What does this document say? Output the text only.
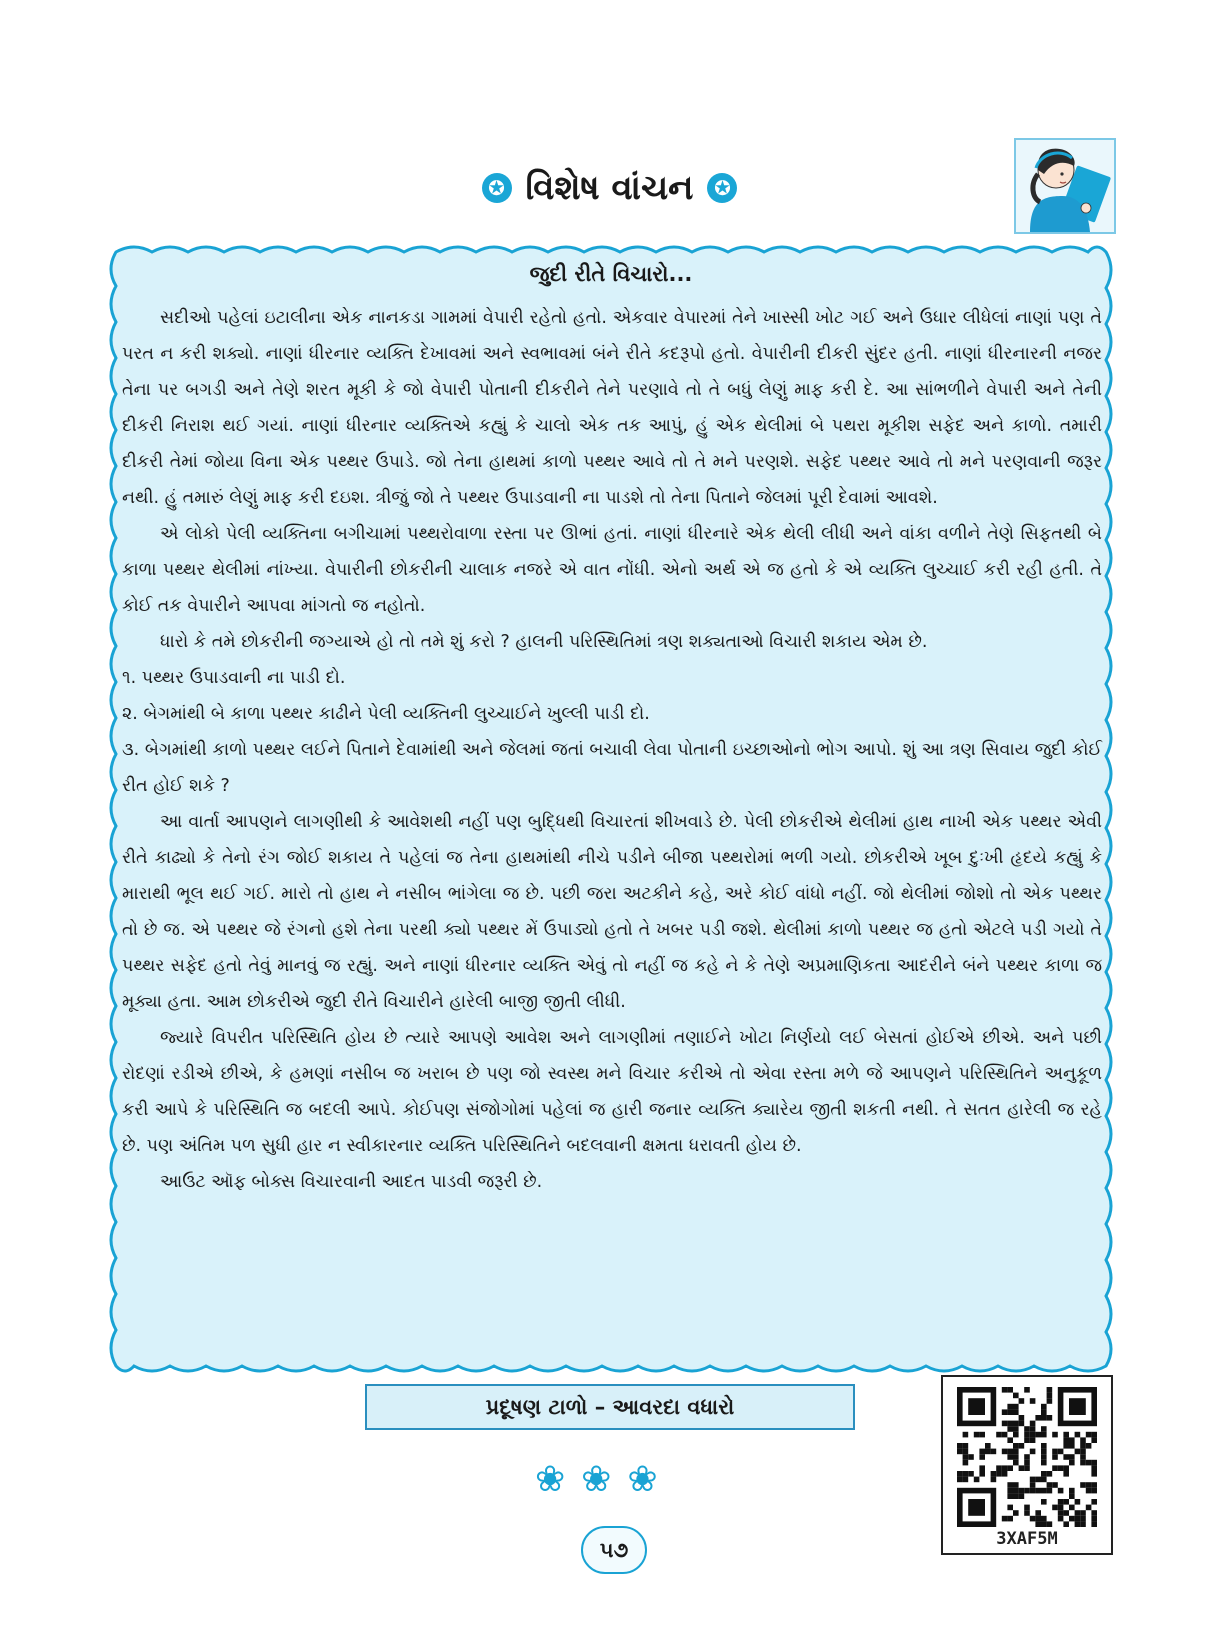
✪ વિશેષ વાંચન	✪
જુદી રીતે વિચારો...

સદીઓ પહેલાં ઇટાલીના એક નાનકડા ગામમાં વેપારી રહેતો હતો. એકવાર વેપારમાં તેને ખાસ્સી ખોટ ગઈ અને ઉધાર લીધેલાં નાણાં પણ તે પરત ન કરી શક્યો. નાણાં ધીરનાર વ્યક્તિ દેખાવમાં અને સ્વભાવમાં બંને રીતે કદરૂપો હતો. વેપારીની દીકરી સુંદર હતી. નાણાં ધીરનારની નજર તેના પર બગડી અને તેણે શરત મૂકી કે જો વેપારી પોતાની દીકરીને તેને પરણાવે તો તે બધું લેણું માફ કરી દે. આ સાંભળીને વેપારી અને તેની દીકરી નિરાશ થઈ ગયાં. નાણાં ધીરનાર વ્યક્તિએ કહ્યું કે ચાલો એક તક આપું, હું એક થેલીમાં બે પથરા મૂકીશ સફેદ અને કાળો. તમારી દીકરી તેમાં જોયા વિના એક પથ્થર ઉપાડે. જો તેના હાથમાં કાળો પથ્થર આવે તો તે મને પરણશે. સફેદ પથ્થર આવે તો મને પરણવાની જરૂર નથી. હું તમારું લેણું માફ કરી દઇશ. ત્રીજું જો તે પથ્થર ઉપાડવાની ના પાડશે તો તેના પિતાને જેલમાં પૂરી દેવામાં આવશે.

એ લોકો પેલી વ્યક્તિના બગીચામાં પથ્થરોવાળા રસ્તા પર ઊભાં હતાં. નાણાં ધીરનારે એક થેલી લીધી અને વાંકા વળીને તેણે સિફતથી બે કાળા પથ્થર થેલીમાં નાંખ્યા. વેપારીની છોકરીની ચાલાક નજરે એ વાત નોંધી. એનો અર્થ એ જ હતો કે એ વ્યક્તિ લુચ્ચાઈ કરી રહી હતી. તે કોઈ તક વેપારીને આપવા માંગતો જ નહોતો.

ધારો કે તમે છોકરીની જગ્યાએ હો તો તમે શું કરો ? હાલની પરિસ્થિતિમાં ત્રણ શક્યતાઓ વિચારી શકાય એમ છે.

૧. પથ્થર ઉપાડવાની ના પાડી દો.

૨. બેગમાંથી બે કાળા પથ્થર કાઢીને પેલી વ્યક્તિની લુચ્ચાઈને ખુલ્લી પાડી દો.

૩. બેગમાંથી કાળો પથ્થર લઈને પિતાને દેવામાંથી અને જેલમાં જતાં બચાવી લેવા પોતાની ઇચ્છાઓનો ભોગ આપો. શું આ ત્રણ સિવાય જુદી કોઈ રીત હોઈ શકે ?

આ વાર્તા આપણને લાગણીથી કે આવેશથી નહીં પણ બુદ્ધિથી વિચારતાં શીખવાડે છે. પેલી છોકરીએ થેલીમાં હાથ નાખી એક પથ્થર એવી રીતે કાઢ્યો કે તેનો રંગ જોઈ શકાય તે પહેલાં જ તેના હાથમાંથી નીચે પડીને બીજા પથ્થરોમાં ભળી ગયો. છોકરીએ ખૂબ દુઃખી હૃદયે કહ્યું કે મારાથી ભૂલ થઈ ગઈ. મારો તો હાથ ને નસીબ ભાંગેલા જ છે. પછી જરા અટકીને કહે, અરે કોઈ વાંધો નહીં. જો થેલીમાં જોશો તો એક પથ્થર તો છે જ. એ પથ્થર જે રંગનો હશે તેના પરથી ક્યો પથ્થર મેં ઉપાડ્યો હતો તે ખબર પડી જશે. થેલીમાં કાળો પથ્થર જ હતો એટલે પડી ગયો તે પથ્થર સફેદ હતો તેવું માનવું જ રહ્યું. અને નાણાં ધીરનાર વ્યક્તિ એવું તો નહીં જ કહે ને કે તેણે અપ્રમાણિકતા આદરીને બંને પથ્થર કાળા જ મૂક્યા હતા. આમ છોકરીએ જુદી રીતે વિચારીને હારેલી બાજી જીતી લીધી.

જ્યારે વિપરીત પરિસ્થિતિ હોય છે ત્યારે આપણે આવેશ અને લાગણીમાં તણાઈને ખોટા નિર્ણયો લઈ બેસતાં હોઈએ છીએ. અને પછી રોદણાં રડીએ છીએ, કે હમણાં નસીબ જ ખરાબ છે પણ જો સ્વસ્થ મને વિચાર કરીએ તો એવા રસ્તા મળે જે આપણને પરિસ્થિતિને અનુકૂળ કરી આપે કે પરિસ્થિતિ જ બદલી આપે. કોઈપણ સંજોગોમાં પહેલાં જ હારી જનાર વ્યક્તિ ક્યારેય જીતી શકતી નથી. તે સતત હારેલી જ રહે છે. પણ અંતિમ પળ સુધી હાર ન સ્વીકારનાર વ્યક્તિ પરિસ્થિતિને બદલવાની ક્ષમતા ધરાવતી હોય છે.

આઉટ ઑફ બોક્સ વિચારવાની આદત પાડવી જરૂરી છે.

પ્રદૂષણ ટાળો – આવરદા વધારો
❀ ❀ ❀
૫૭	3XAF5M
